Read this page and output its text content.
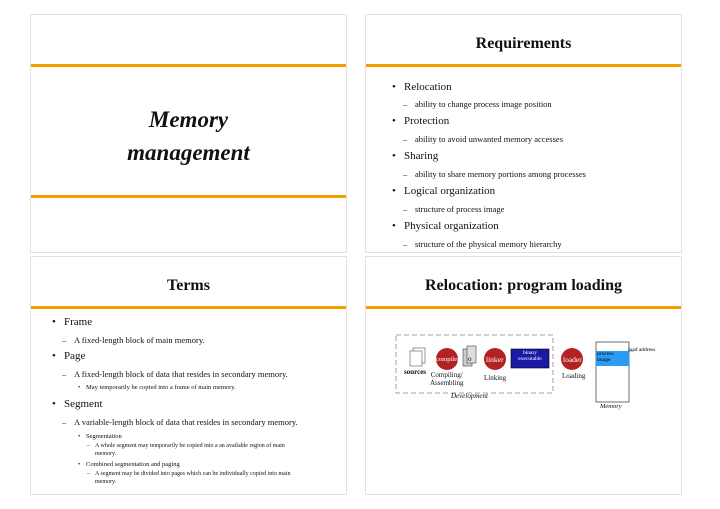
Memory
management
Requirements
• Relocation
– ability to change process image position
• Protection
– ability to avoid unwanted memory accesses
• Sharing
– ability to share memory portions among processes
• Logical organization
– structure of process image
• Physical organization
– structure of the physical memory hierarchy
Terms
• Frame
– A fixed-length block of main memory.
• Page
– A fixed-length block of data that resides in secondary memory.
• May temporarily be copied into a frame of main memory.
• Segment
– A variable-length block of data that resides in secondary memory.
• Segmentation
– A whole segment may temporarily be copied into a an available region of main
memory.
• Combined segmentation and paging
– A segment may be divided into pages which can be individually copied into main
memory.
Relocation: program loading
compiler o linker
binary
executable	loader
process
image
load address
sources Compiling/
Assembling
Linking	Loading
Development
Memory
